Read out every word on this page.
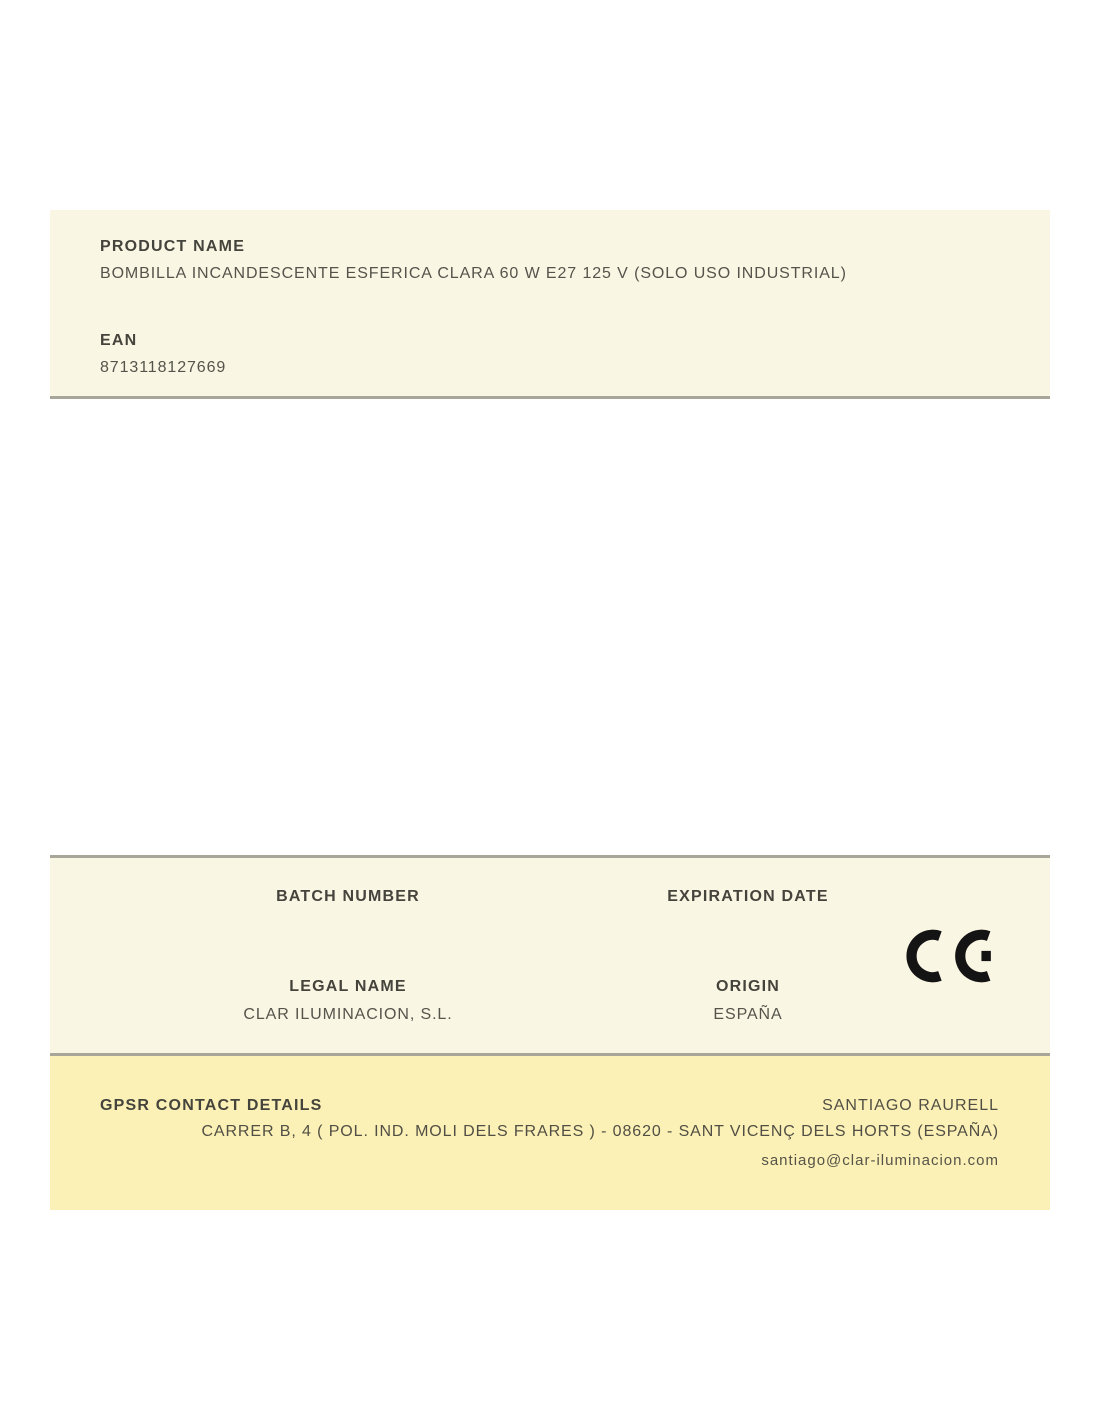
PRODUCT NAME

BOMBILLA INCANDESCENTE ESFERICA CLARA 60 W E27 125 V (SOLO USO INDUSTRIAL)

EAN

8713118127669

BATCH NUMBER	EXPIRATION DATE

LEGAL NAME

CLAR ILUMINACION, S.L.

ORIGIN

ESPAÑA

GPSR CONTACT DETAILS	SANTIAGO RAURELL

CARRER B, 4 ( POL. IND. MOLI DELS FRARES ) - 08620 - SANT VICENÇ DELS HORTS (ESPAÑA)

santiago@clar-iluminacion.com
